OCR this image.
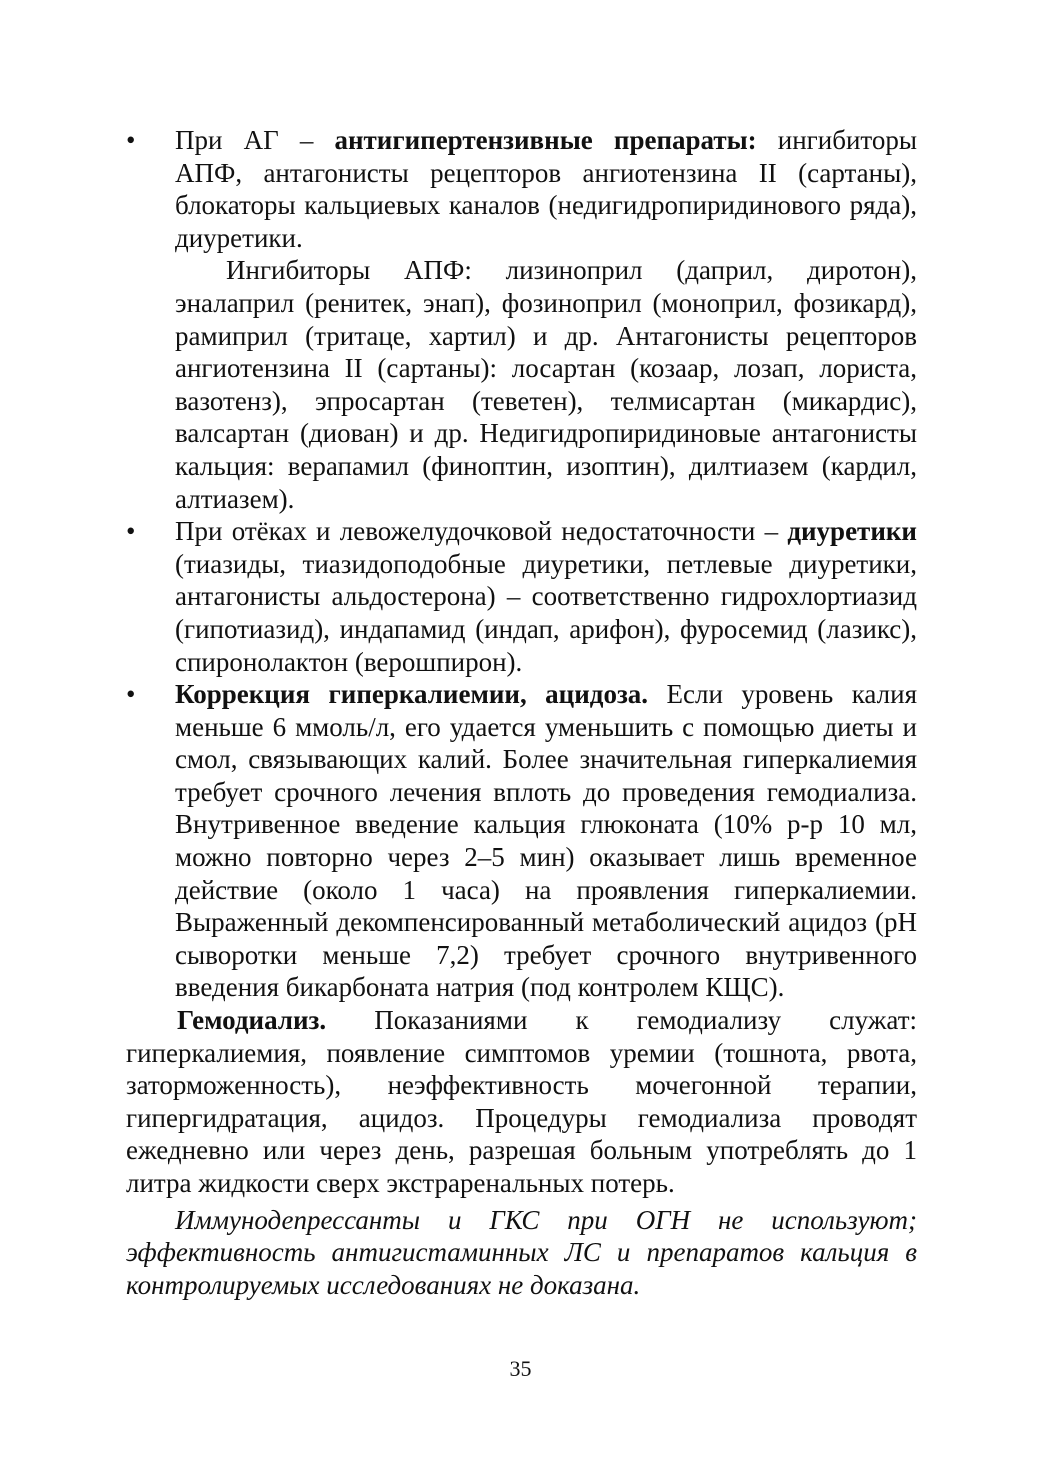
•	При АГ – антигипертензивные препараты: ингибиторы АПФ, антагонисты рецепторов ангиотензина II (сартаны), блокаторы кальциевых каналов (недигидропиридинового ряда), диуретики.

Ингибиторы АПФ: лизиноприл (даприл, диротон), эналаприл (ренитек, энап), фозиноприл (моноприл, фозикард), рамиприл (тритаце, хартил) и др. Антагонисты рецепторов ангиотензина II (сартаны): лосартан (козаар, лозап, лориста, вазотенз), эпросартан (теветен), телмисартан (микардис), валсартан (диован) и др. Недигидропиридиновые антагонисты кальция: верапамил (финоптин, изоптин), дилтиазем (кардил, алтиазем).

•	При отёках и левожелудочковой недостаточности – диуретики (тиазиды, тиазидоподобные диуретики, петлевые диуретики, антагонисты альдостерона) – соответственно гидрохлортиазид (гипотиазид), индапамид (индап, арифон), фуросемид (лазикс), спиронолактон (верошпирон).

•	Коррекция гиперкалиемии, ацидоза. Если уровень калия меньше 6 ммоль/л, его удается уменьшить с помощью диеты и смол, связывающих калий. Более значительная гиперкалиемия требует срочного лечения вплоть до проведения гемодиализа. Внутривенное введение кальция глюконата (10% р-р 10 мл, можно повторно через 2–5 мин) оказывает лишь временное действие (около 1 часа) на проявления гиперкалиемии. Выраженный декомпенсированный метаболический ацидоз (pH сыворотки меньше 7,2) требует срочного внутривенного введения бикарбоната натрия (под контролем КЩС).

Гемодиализ. Показаниями к гемодиализу служат: гиперкалиемия, появление симптомов уремии (тошнота, рвота, заторможенность), неэффективность мочегонной терапии, гипергидратация, ацидоз. Процедуры гемодиализа проводят ежедневно или через день, разрешая больным употреблять до 1 литра жидкости сверх экстраренальных потерь.

Иммунодепрессанты и ГКС при ОГН не используют; эффективность антигистаминных ЛС и препаратов кальция в контролируемых исследованиях не доказана.

35
